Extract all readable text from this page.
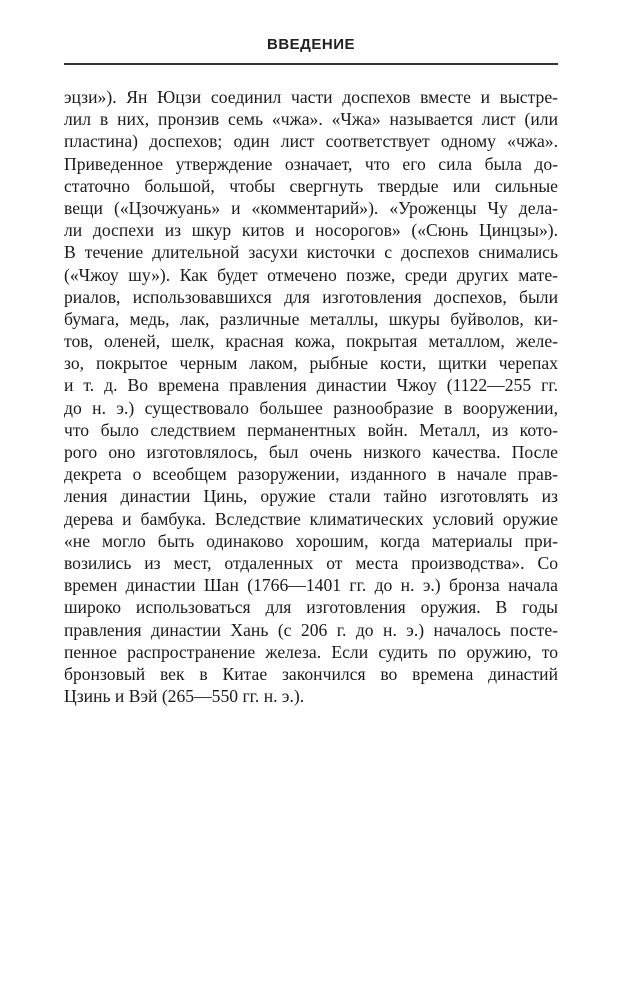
ВВЕДЕНИЕ
эцзи»). Ян Юцзи соединил части доспехов вместе и выстре-
лил в них, пронзив семь «чжа». «Чжа» называется лист (или
пластина) доспехов; один лист соответствует одному «чжа».
Приведенное утверждение означает, что его сила была до-
статочно большой, чтобы свергнуть твердые или сильные
вещи («Цзочжуань» и «комментарий»). «Уроженцы Чу дела-
ли доспехи из шкур китов и носорогов» («Сюнь Цинцзы»).
В течение длительной засухи кисточки с доспехов снимались
(«Чжоу шу»). Как будет отмечено позже, среди других мате-
риалов, использовавшихся для изготовления доспехов, были
бумага, медь, лак, различные металлы, шкуры буйволов, ки-
тов, оленей, шелк, красная кожа, покрытая металлом, желе-
зо, покрытое черным лаком, рыбные кости, щитки черепах
и т. д. Во времена правления династии Чжоу (1122—255 гг.
до н. э.) существовало большее разнообразие в вооружении,
что было следствием перманентных войн. Металл, из кото-
рого оно изготовлялось, был очень низкого качества. После
декрета о всеобщем разоружении, изданного в начале прав-
ления династии Цинь, оружие стали тайно изготовлять из
дерева и бамбука. Вследствие климатических условий оружие
«не могло быть одинаково хорошим, когда материалы при-
возились из мест, отдаленных от места производства». Со
времен династии Шан (1766—1401 гг. до н. э.) бронза начала
широко использоваться для изготовления оружия. В годы
правления династии Хань (с 206 г. до н. э.) началось посте-
пенное распространение железа. Если судить по оружию, то
бронзовый век в Китае закончился во времена династий
Цзинь и Вэй (265—550 гг. н. э.).
